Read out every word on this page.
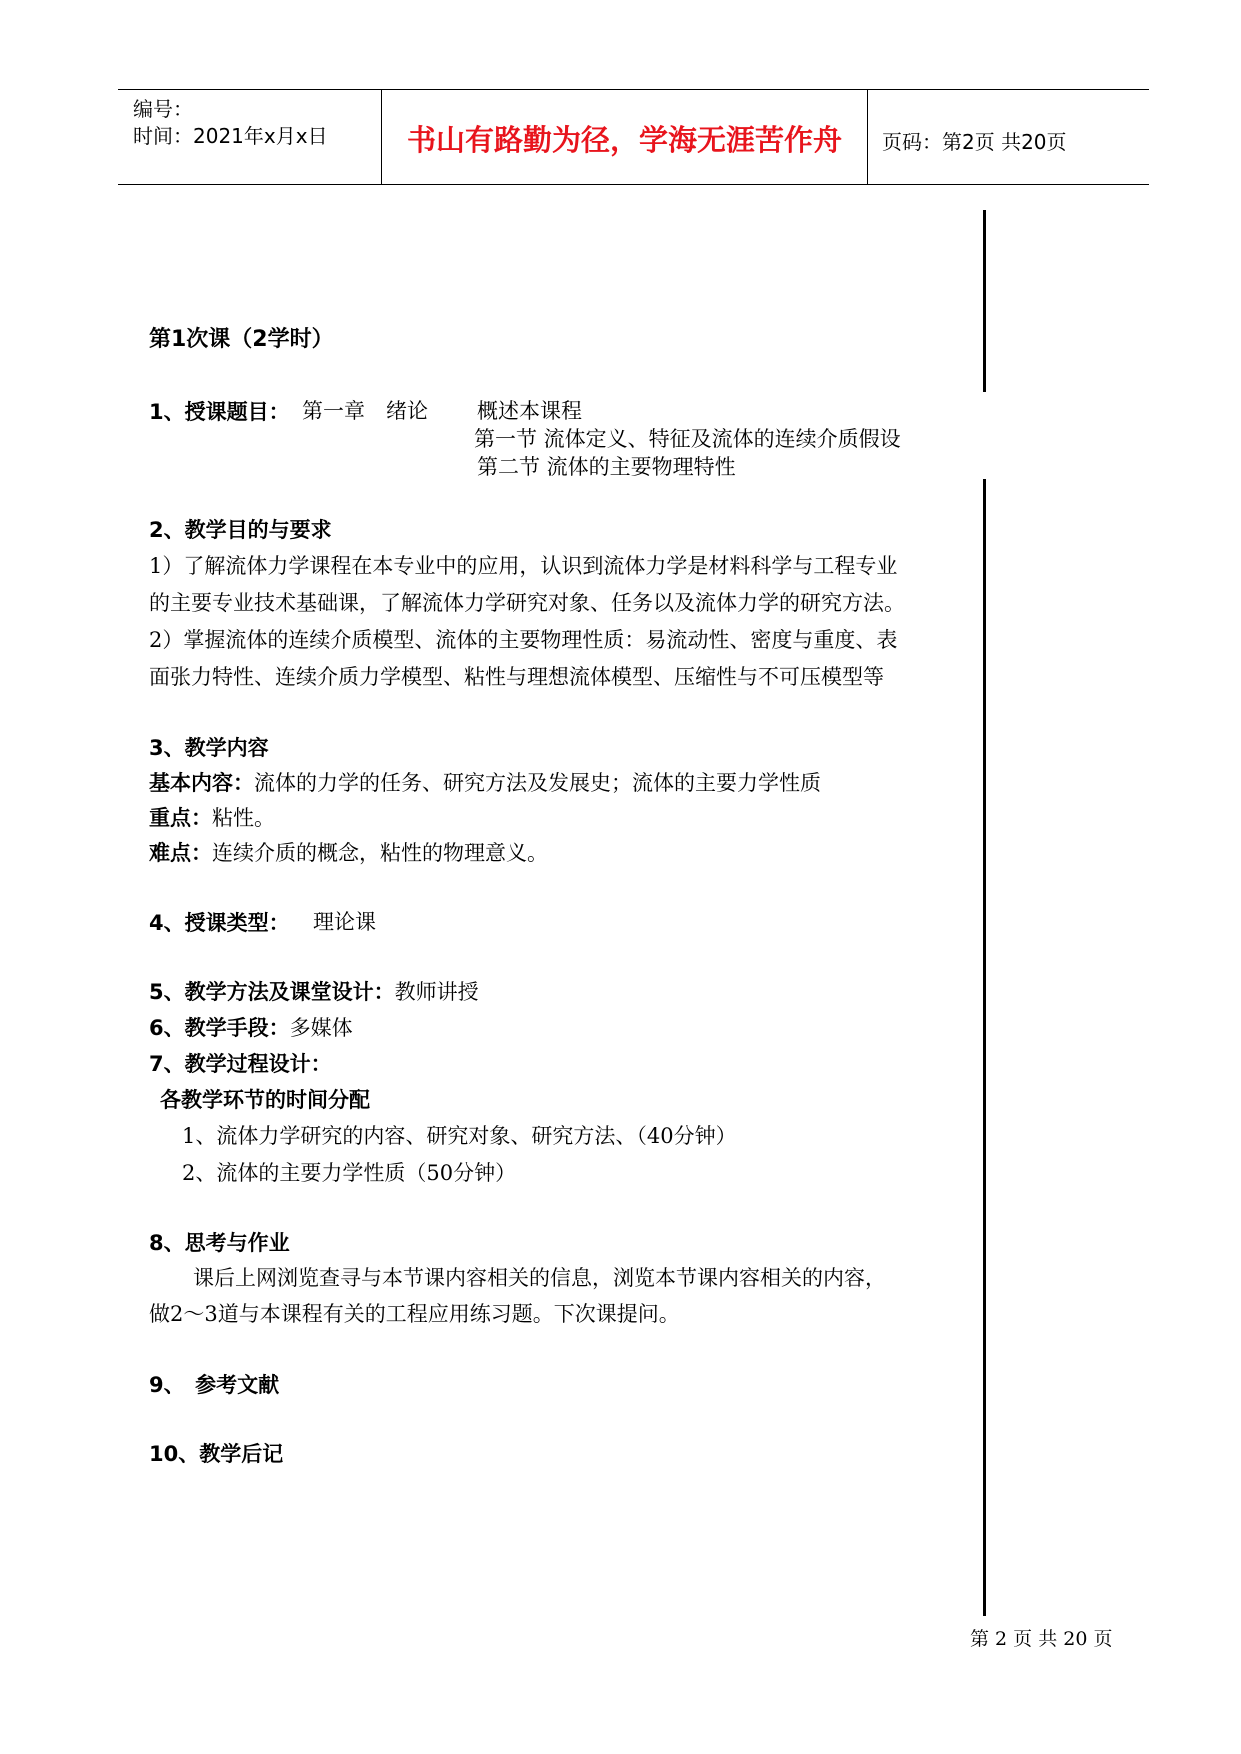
编号：
时间：2021年x月x日	书山有路勤为径，学海无涯苦作舟	页码：第2页 共20页
第1次课（2学时）
1、授课题目： 第一章　绪论 概述本课程
第一节 流体定义、特征及流体的连续介质假设
第二节 流体的主要物理特性
2、教学目的与要求
1）了解流体力学课程在本专业中的应用，认识到流体力学是材料科学与工程专业
的主要专业技术基础课，了解流体力学研究对象、任务以及流体力学的研究方法。
2）掌握流体的连续介质模型、流体的主要物理性质：易流动性、密度与重度、表
面张力特性、连续介质力学模型、粘性与理想流体模型、压缩性与不可压模型等
3、教学内容
基本内容：流体的力学的任务、研究方法及发展史；流体的主要力学性质
重点：粘性。
难点：连续介质的概念，粘性的物理意义。
4、授课类型： 理论课
5、教学方法及课堂设计：教师讲授
6、教学手段：多媒体
7、教学过程设计：
各教学环节的时间分配
1、流体力学研究的内容、研究对象、研究方法、（40分钟）
2、流体的主要力学性质（50分钟）
8、思考与作业
课后上网浏览查寻与本节课内容相关的信息，浏览本节课内容相关的内容，
做2～3道与本课程有关的工程应用练习题。下次课提问。
9、　参考文献
10、教学后记
第 2 页 共 20 页
